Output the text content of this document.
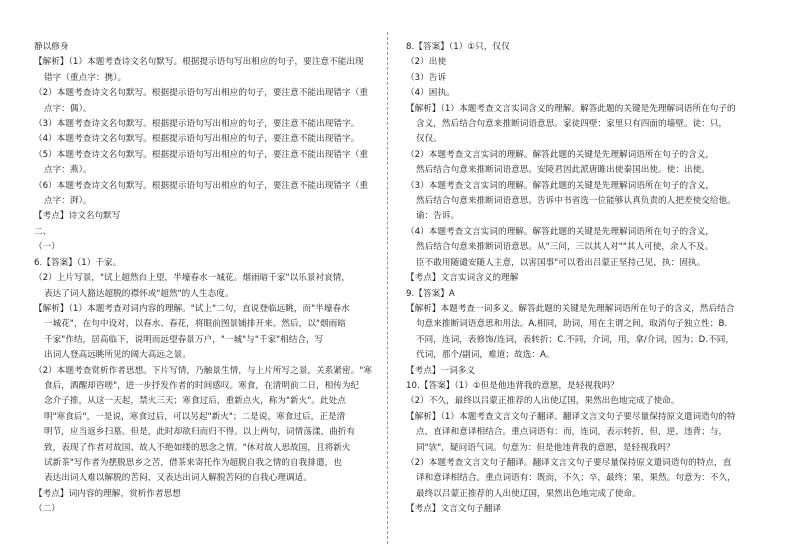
静以修身
【解析】（1）本题考查诗文名句默写。根据提示语句写出相应的句子，要注意不能出现
错字（重点字：携）。
（2）本题考查诗文名句默写。根据提示语句写出相应的句子，要注意不能出现错字（重
点字：偶）。
（3）本题考查诗文名句默写。根据提示语句写出相应的句子，要注意不能出现错字。
（4）本题考查诗文名句默写。根据提示语句写出相应的句子，要注意不能出现错字。
（5）本题考查诗文名句默写。根据提示语句写出相应的句子，要注意不能出现错字（重
点字：燕）。
（6）本题考查诗文名句默写。根据提示语句写出相应的句子，要注意不能出现错字（重
点字：湃）。
【考点】诗文名句默写
二、
（一）
6.【答案】（1）千家。
（2）上片写景，"试上超然台上望，半壕春水一城花。烟雨暗千家"以乐景衬哀情，
表达了词人豁达超脱的襟怀或"超然"的人生态度。
【解析】（1）本题考查对词内容的理解。"试上"二句，直说登临远眺，而"半壕春水
一城花"，在句中设对，以春水、春花，将眼前图景铺排开来。然后，以"烟雨暗
千家"作结，居高临下，说明而远望春景万户，"一城"与"千家"相结合，写
出词人登高远眺所见的阔大高远之景。
（2）本题考查赏析作者思想。下片写情，乃触景生情，与上片所写之景，关系紧密。"寒
食后，酒醒却咨嗟"，进一步抒发作者的时间感叹。寒食，在清明前二日，相传为纪
念介子推，从这一天起，禁火三天；寒食过后，重新点火，称为"新火"。此处点
明"寒食后"，一是说，寒食过后，可以另起"新火"；二是说，寒食过后，正是清
明节，应当返乡扫墓。但是，此时却欲归而归不得。以上两句，词情荡漾，曲折有
致，表现了作者对故国、故人不绝如缕的思念之情。"休对故人思故国，且将新火
试新茶"写作者为摆脱思乡之苦，借茶来寄托作为超脱自我之情的自我排遣，也
表达出词人难以解脱的苦闷，又表达出词人解脱苦闷的自我心理调适。
【考点】词内容的理解，赏析作者思想
（二）
8.【答案】（1）①只，仅仅
（2）出使
（3）告诉
（4）困执。
【解析】（1）本题考查文言实词含义的理解。解答此题的关键是先理解词语所在句子的
含义，然后结合句意来推断词语意思。家徒四壁：家里只有四面的墙壁。徒：只，
仅仅。
（2）本题考查文言实词的理解。解答此题的关键是先理解词语所在句子的含义，
然后结合句意来推断词语意思。安陵君因此派唐雎出使秦国出使。使：出使。
（3）本题考查文言实词的理解。解答此题的关键是先理解词语所在句子的含义，
然后结合句意来推断词语意思。告诉中书省选一位能够认真负责的人把差使交给他。
谕：告诉。
（4）本题考查文言实词的理解。解答此题的关键是先理解词语所在句子的含义，
然后结合句意来推断词语意思。从"三问，三以其人对""其人可使，余人不及。
臣不敢用随谴安随人主意，以害国事"可以看出吕蒙正坚持己见，执：固执。
【考点】文言实词含义的理解
9.【答案】A
【解析】本题考查一词多义。解答此题的关键是先理解词语所在句子的含义，然后结合
句意来推断词语意思和用法。A.相同，助词，用在主谓之间，取消句子独立性；B.
不同，连词，表修饰/连词，表转折；C.不同，介词，用，拿/介词，因为；D.不同，
代词，那个/副词，难道；故选：A。
【考点】一词多义
10.【答案】（1）①但是他违背我的意愿，是轻视我吗？
（2）不久，最终以吕蒙正推荐的人出使辽国，果然出色地完成了使命。
【解析】（1）本题考查文言文句子翻译。翻译文言文句子要尽量保持原文遣词造句的特
点，直译和意译相结合。重点词语有：而，连词，表示转折，但，逆，违背；与，
同"欤"，疑问语气词。句意为：但是他违背我的意愿，是轻视我吗？
（2）本题考查文言文句子翻译。翻译文言文句子要尽量保持原文遣词造句的特点，直
译和意译相结合。重点词语有：既而，不久；卒，最终；果，果然。句意为：不久，
最终以吕蒙正推荐的人出使辽国，果然出色地完成了使命。
【考点】文言文句子翻译
